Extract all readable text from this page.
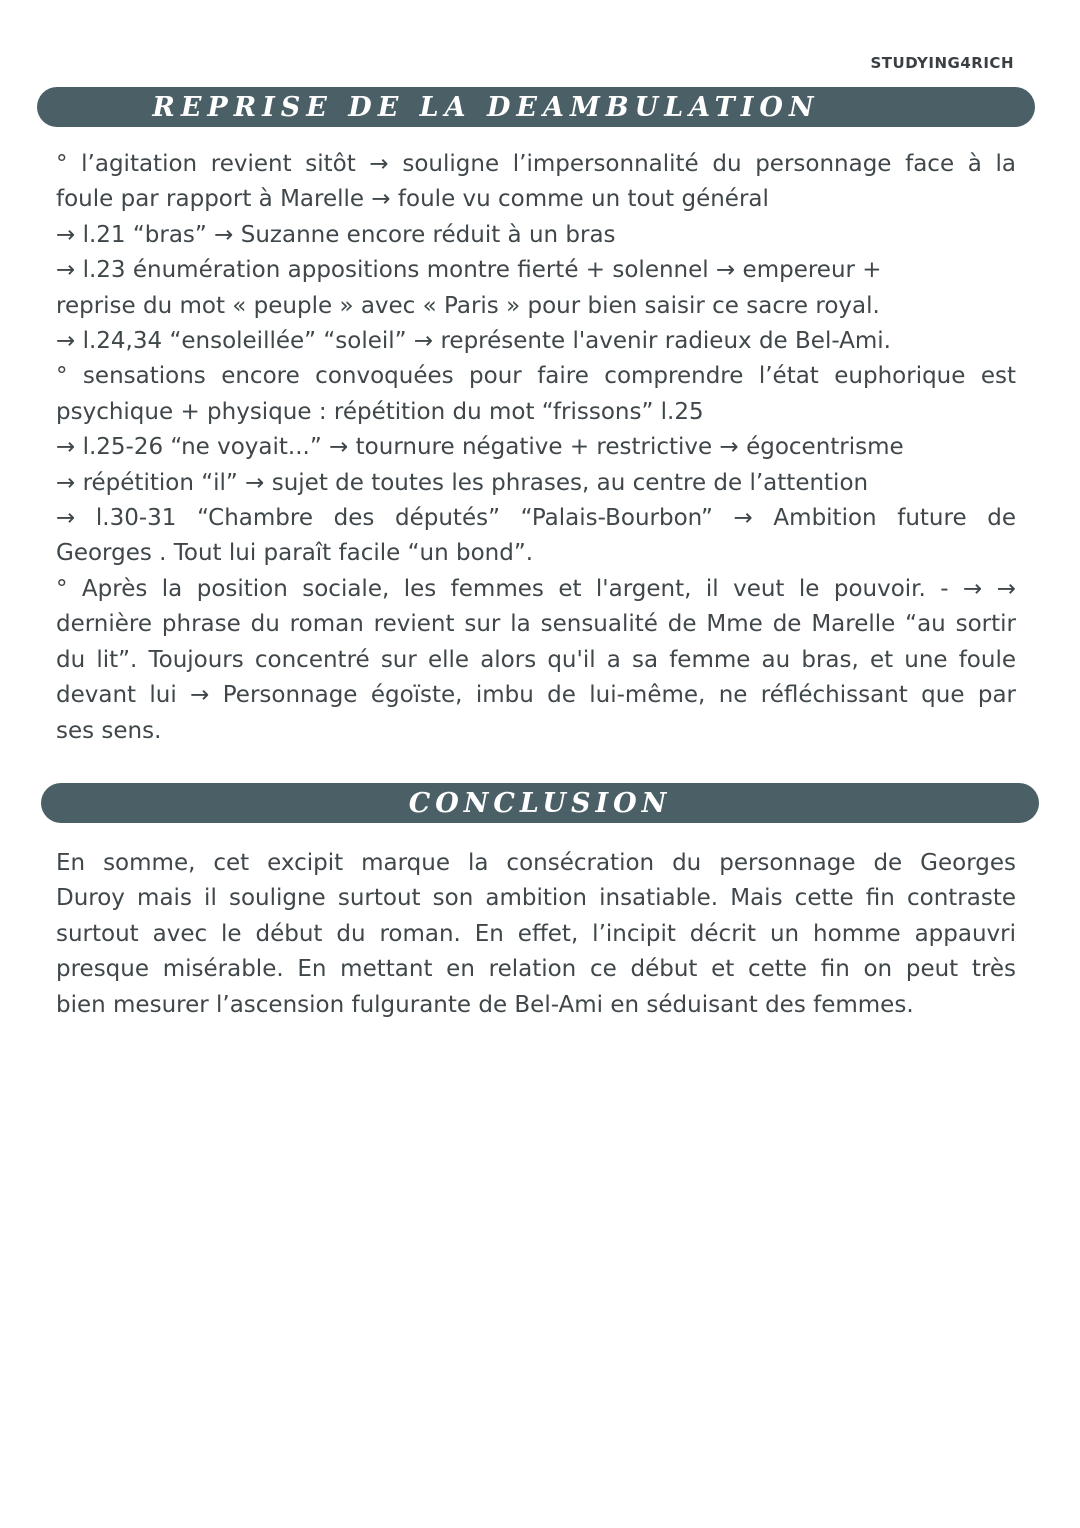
STUDYING4RICH
REPRISE DE LA DEAMBULATION

° l’agitation revient sitôt → souligne l’impersonnalité du personnage face à la

foule par rapport à Marelle → foule vu comme un tout général

→ l.21 “bras” → Suzanne encore réduit à un bras

→ l.23 énumération appositions montre fierté + solennel → empereur +

reprise du mot « peuple » avec « Paris » pour bien saisir ce sacre royal.

→ l.24,34 “ensoleillée” “soleil” → représente l'avenir radieux de Bel-Ami.

° sensations encore convoquées pour faire comprendre l’état euphorique est

psychique + physique : répétition du mot “frissons” l.25

→ l.25-26 “ne voyait...” → tournure négative + restrictive → égocentrisme

→ répétition “il” → sujet de toutes les phrases, au centre de l’attention

→ l.30-31 “Chambre des députés” “Palais-Bourbon” → Ambition future de

Georges . Tout lui paraît facile “un bond”.

° Après la position sociale, les femmes et l'argent, il veut le pouvoir. - → →

dernière phrase du roman revient sur la sensualité de Mme de Marelle “au sortir

du lit”. Toujours concentré sur elle alors qu'il a sa femme au bras, et une foule

devant lui → Personnage égoïste, imbu de lui-même, ne réfléchissant que par

ses sens.

CONCLUSION

En somme, cet excipit marque la consécration du personnage de Georges

Duroy mais il souligne surtout son ambition insatiable. Mais cette fin contraste

surtout avec le début du roman. En effet, l’incipit décrit un homme appauvri

presque misérable. En mettant en relation ce début et cette fin on peut très

bien mesurer l’ascension fulgurante de Bel-Ami en séduisant des femmes.
